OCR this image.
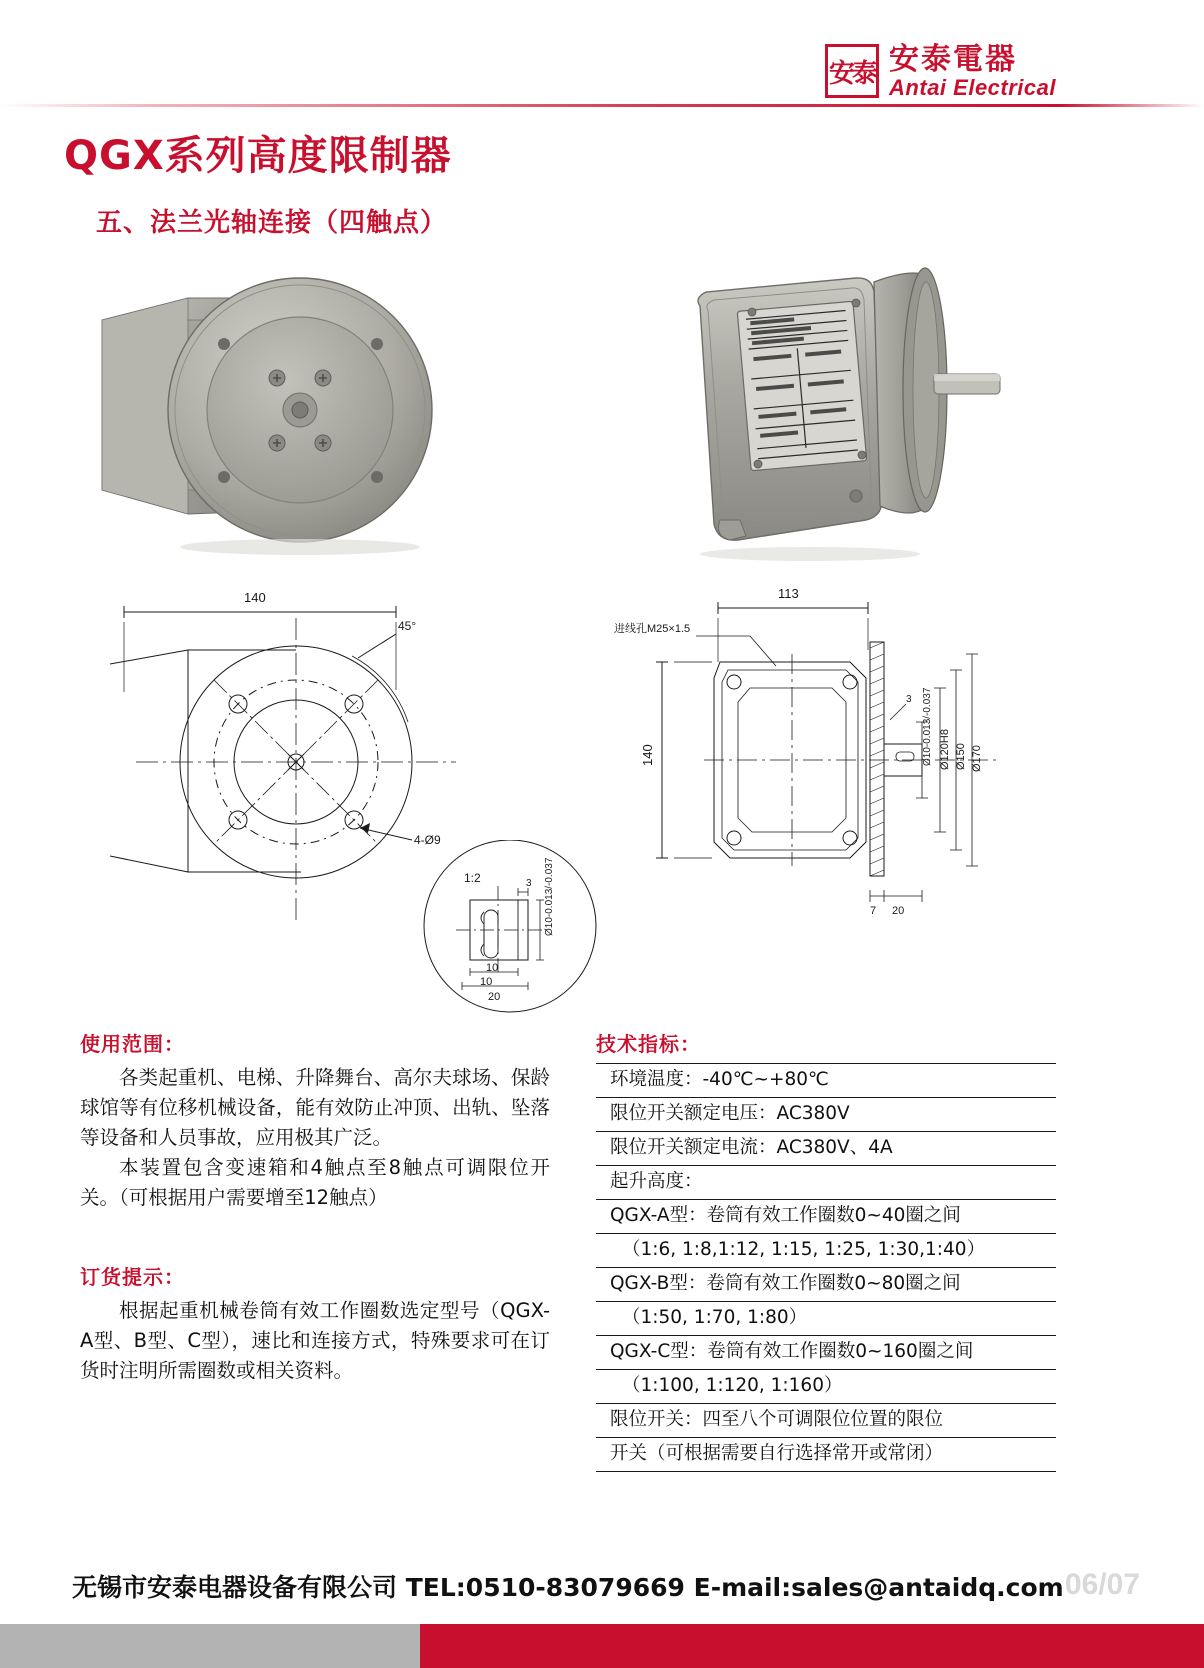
安泰 安泰電器
Antai Electrical
QGX系列高度限制器
五、法兰光轴连接（四触点）
140
45°
4-Ø9
1:2
10
10
20
3 Ø10-0.013/-0.037
113
140
进线孔M25×1.5
3 Ø10-0.013/-0.037 Ø120H8 Ø150 Ø170
7 20
使用范围：

各类起重机、电梯、升降舞台、高尔夫球场、保龄球馆等有位移机械设备，能有效防止冲顶、出轨、坠落等设备和人员事故，应用极其广泛。

本装置包含变速箱和4触点至8触点可调限位开关。（可根据用户需要增至12触点）

订货提示：

根据起重机械卷筒有效工作圈数选定型号（QGX-A型、B型、C型），速比和连接方式，特殊要求可在订货时注明所需圈数或相关资料。

技术指标：
环境温度：-40℃~+80℃
限位开关额定电压：AC380V
限位开关额定电流：AC380V、4A
起升高度：
QGX-A型：卷筒有效工作圈数0~40圈之间
（1:6, 1:8,1:12, 1:15, 1:25, 1:30,1:40）
QGX-B型：卷筒有效工作圈数0~80圈之间
（1:50, 1:70, 1:80）
QGX-C型：卷筒有效工作圈数0~160圈之间
（1:100, 1:120, 1:160）
限位开关：四至八个可调限位位置的限位
开关（可根据需要自行选择常开或常闭）
无锡市安泰电器设备有限公司 TEL:0510-83079669 E-mail:sales@antaidq.com 06/07
